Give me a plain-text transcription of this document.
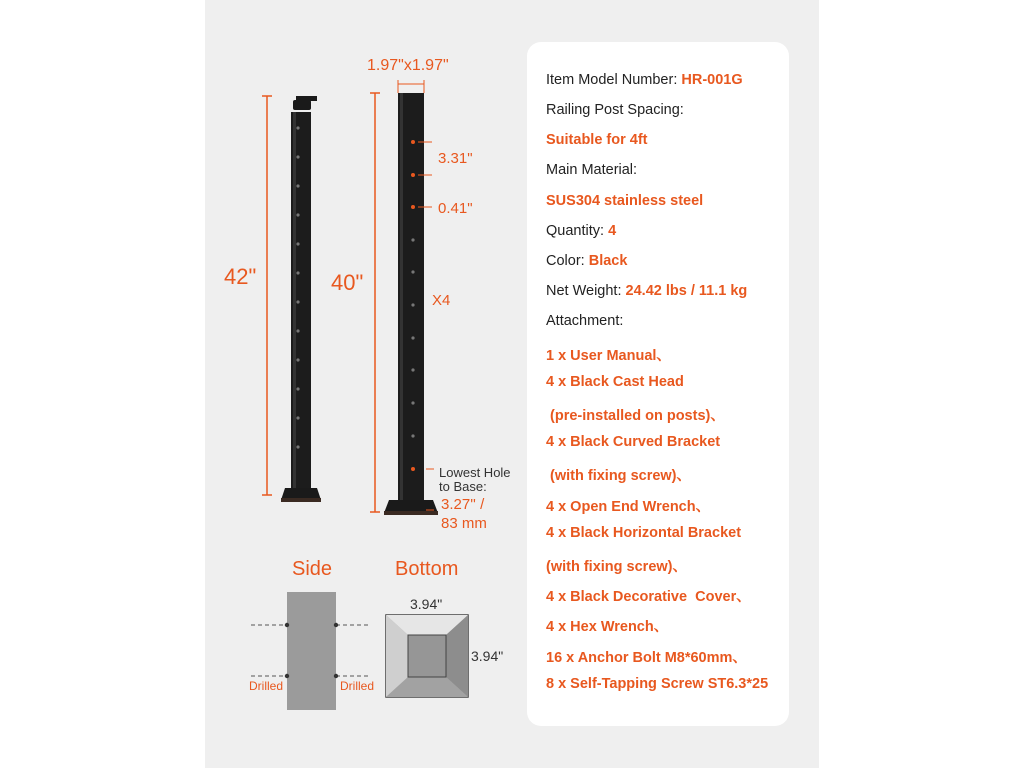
42"	40"
1.97"x1.97"
3.31"
0.41"
X4
Lowest Hole
to Base:
3.27'' /
83 mm
Side	Bottom
Drilled	Drilled
3.94"
3.94"
Item Model Number: HR-001G
Railing Post Spacing:
Suitable for 4ft
Main Material:
SUS304 stainless steel
Quantity: 4
Color: Black
Net Weight: 24.42 lbs / 11.1 kg
Attachment:
1 x User Manual、
4 x Black Cast Head
(pre-installed on posts)、
4 x Black Curved Bracket
(with fixing screw)、
4 x Open End Wrench、
4 x Black Horizontal Bracket
(with fixing screw)、
4 x Black Decorative  Cover、
4 x Hex Wrench、
16 x Anchor Bolt M8*60mm、
8 x Self-Tapping Screw ST6.3*25
